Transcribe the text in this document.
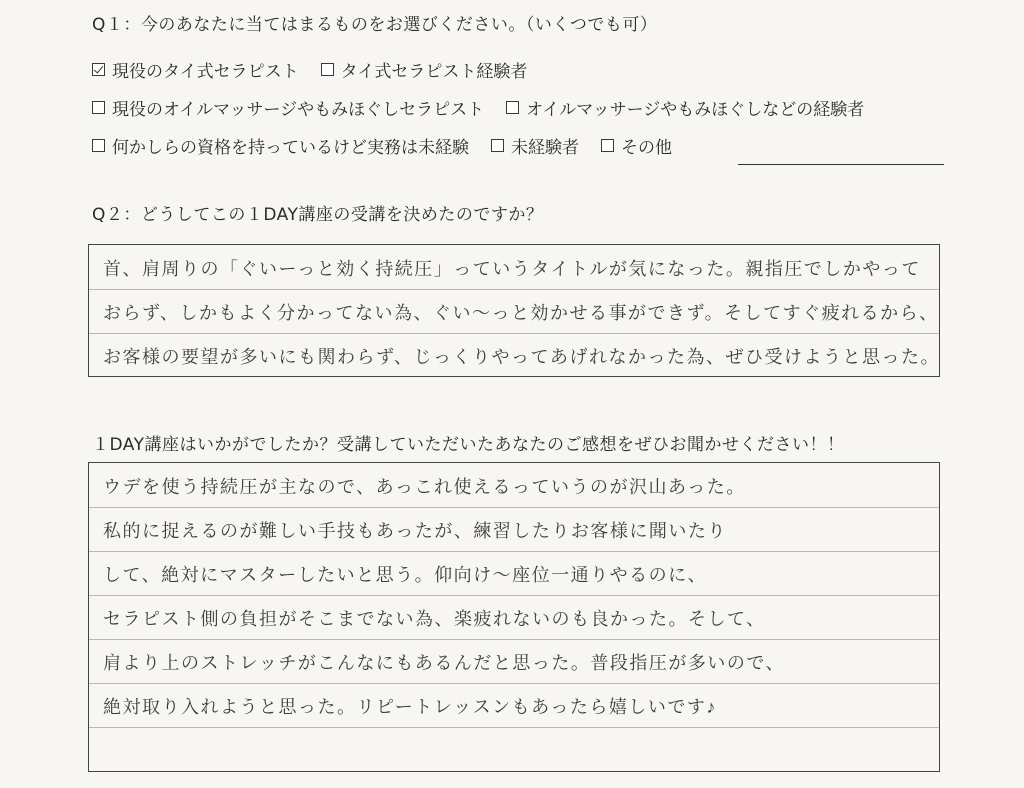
Q１：今のあなたに当てはまるものをお選びください。（いくつでも可）
現役のタイ式セラピスト タイ式セラピスト経験者
現役のオイルマッサージやもみほぐしセラピスト オイルマッサージやもみほぐしなどの経験者
何かしらの資格を持っているけど実務は未経験 未経験者 その他
Q２：どうしてこの１DAY講座の受講を決めたのですか？
首、肩周りの「ぐいーっと効く持続圧」っていうタイトルが気になった。親指圧でしかやって
おらず、しかもよく分かってない為、ぐい～っと効かせる事ができず。そしてすぐ疲れるから、
お客様の要望が多いにも関わらず、じっくりやってあげれなかった為、ぜひ受けようと思った。
１DAY講座はいかがでしたか？受講していただいたあなたのご感想をぜひお聞かせください！！
ウデを使う持続圧が主なので、あっこれ使えるっていうのが沢山あった。
私的に捉えるのが難しい手技もあったが、練習したりお客様に聞いたり
して、絶対にマスターしたいと思う。仰向け～座位一通りやるのに、
セラピスト側の負担がそこまでない為、楽疲れないのも良かった。そして、
肩より上のストレッチがこんなにもあるんだと思った。普段指圧が多いので、
絶対取り入れようと思った。リピートレッスンもあったら嬉しいです♪
